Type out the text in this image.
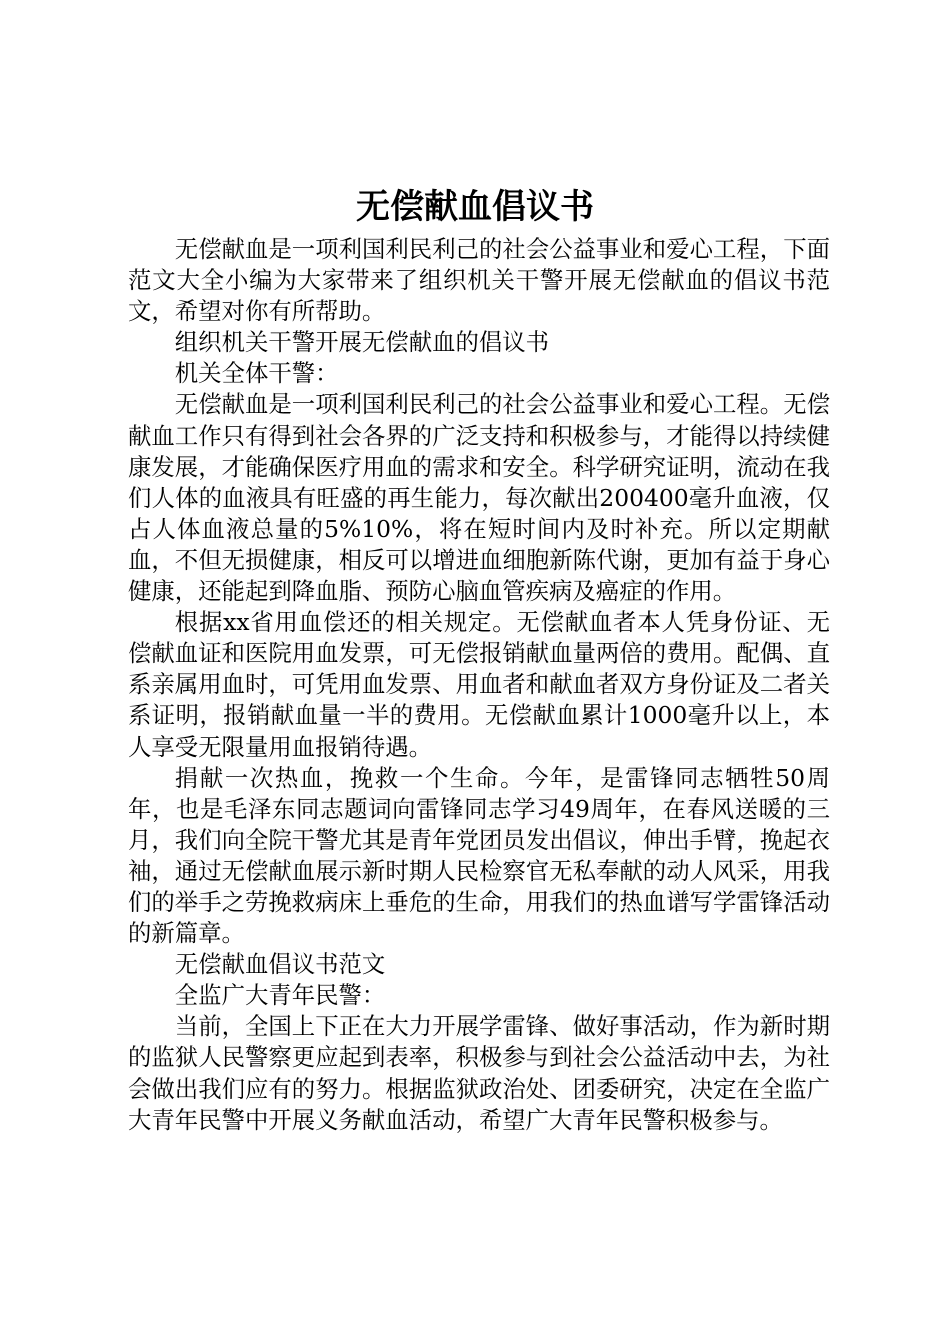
无偿献血倡议书

无偿献血是一项利国利民利己的社会公益事业和爱心工程，下面范文大全小编为大家带来了组织机关干警开展无偿献血的倡议书范文，希望对你有所帮助。

组织机关干警开展无偿献血的倡议书

机关全体干警：

无偿献血是一项利国利民利己的社会公益事业和爱心工程。无偿献血工作只有得到社会各界的广泛支持和积极参与，才能得以持续健康发展，才能确保医疗用血的需求和安全。科学研究证明，流动在我们人体的血液具有旺盛的再生能力，每次献出200400毫升血液，仅占人体血液总量的5%10%，将在短时间内及时补充。所以定期献血，不但无损健康，相反可以增进血细胞新陈代谢，更加有益于身心健康，还能起到降血脂、预防心脑血管疾病及癌症的作用。

根据xx省用血偿还的相关规定。无偿献血者本人凭身份证、无偿献血证和医院用血发票，可无偿报销献血量两倍的费用。配偶、直系亲属用血时，可凭用血发票、用血者和献血者双方身份证及二者关系证明，报销献血量一半的费用。无偿献血累计1000毫升以上，本人享受无限量用血报销待遇。

捐献一次热血，挽救一个生命。今年，是雷锋同志牺牲50周年，也是毛泽东同志题词向雷锋同志学习49周年，在春风送暖的三月，我们向全院干警尤其是青年党团员发出倡议，伸出手臂，挽起衣袖，通过无偿献血展示新时期人民检察官无私奉献的动人风采，用我们的举手之劳挽救病床上垂危的生命，用我们的热血谱写学雷锋活动的新篇章。

无偿献血倡议书范文

全监广大青年民警：

当前，全国上下正在大力开展学雷锋、做好事活动，作为新时期的监狱人民警察更应起到表率，积极参与到社会公益活动中去，为社会做出我们应有的努力。根据监狱政治处、团委研究，决定在全监广大青年民警中开展义务献血活动，希望广大青年民警积极参与。
